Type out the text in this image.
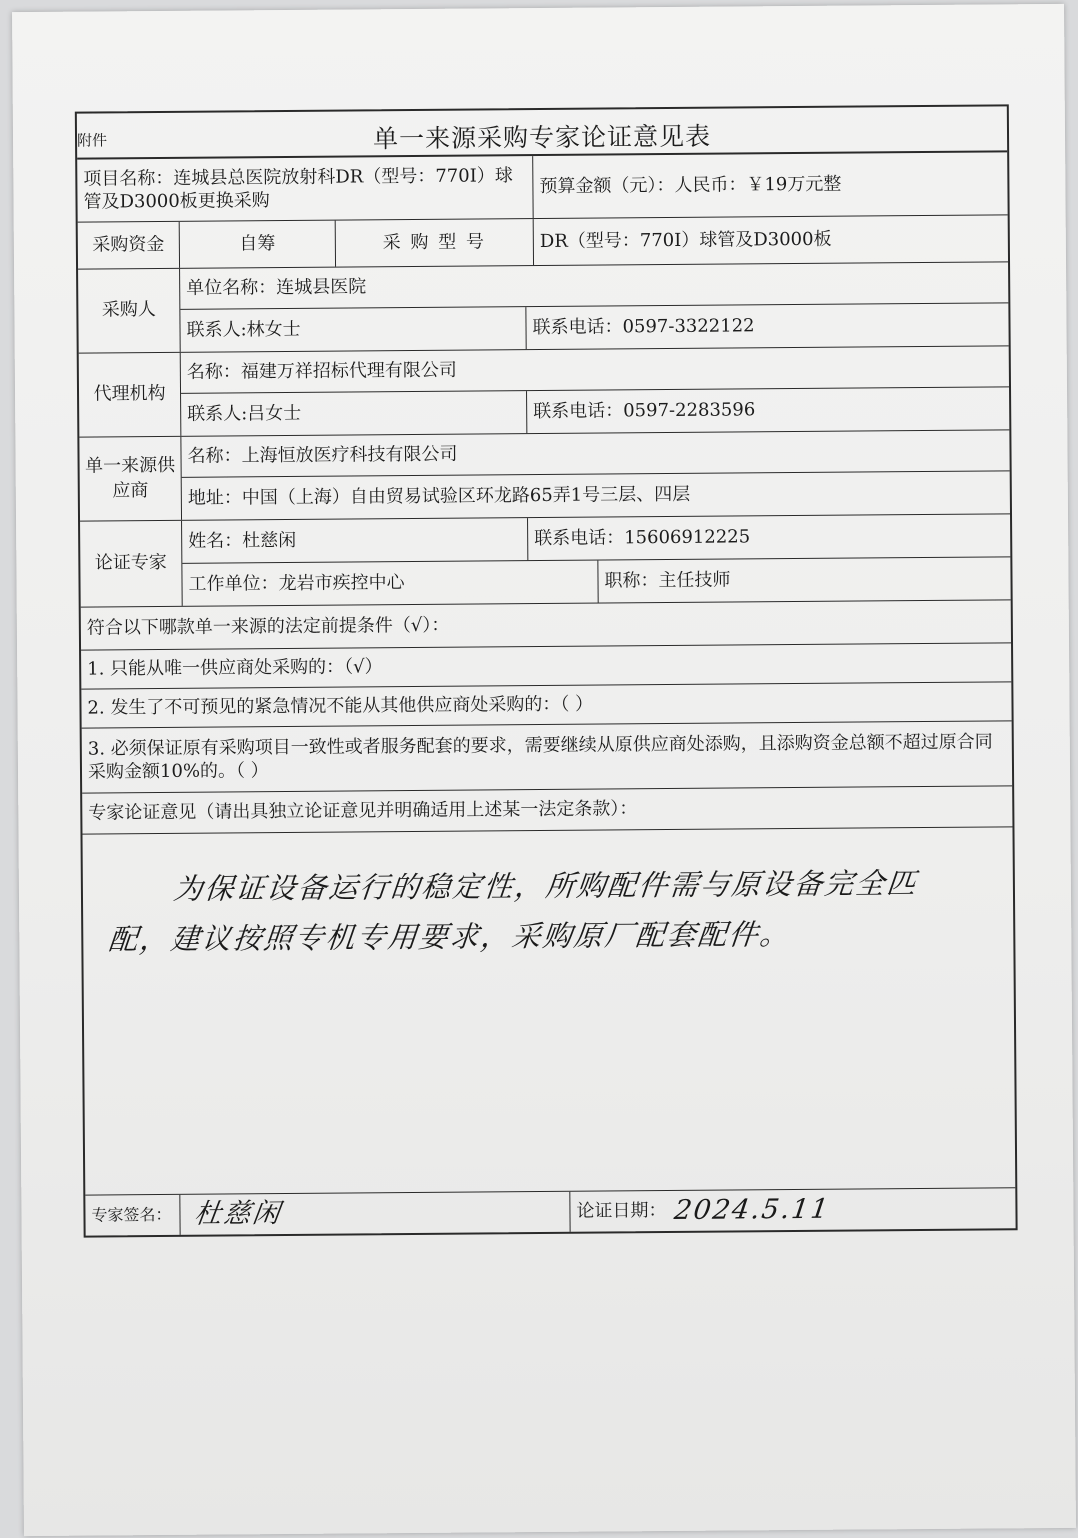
附件	单一来源采购专家论证意见表
项目名称：连城县总医院放射科DR（型号：770I）球管及D3000板更换采购
预算金额（元）：人民币：￥19万元整
采购资金	自筹	采 购 型 号	DR（型号：770I）球管及D3000板
采购人
单位名称：连城县医院
联系人:林女士	联系电话：0597-3322122
代理机构
名称：福建万祥招标代理有限公司
联系人:吕女士	联系电话：0597-2283596
单一来源供应商
名称：上海恒放医疗科技有限公司
地址：中国（上海）自由贸易试验区环龙路65弄1号三层、四层
论证专家
姓名：杜慈闲	联系电话：15606912225
工作单位：龙岩市疾控中心	职称：主任技师
符合以下哪款单一来源的法定前提条件（√）：
1. 只能从唯一供应商处采购的：（√）
2. 发生了不可预见的紧急情况不能从其他供应商处采购的：（ ）
3. 必须保证原有采购项目一致性或者服务配套的要求，需要继续从原供应商处添购，且添购资金总额不超过原合同采购金额10%的。（ ）
专家论证意见（请出具独立论证意见并明确适用上述某一法定条款）：
为保证设备运行的稳定性，所购配件需与原设备完全匹配，建议按照专机专用要求，采购原厂配套配件。
专家签名： 杜慈闲	论证日期： 2024.5.11
